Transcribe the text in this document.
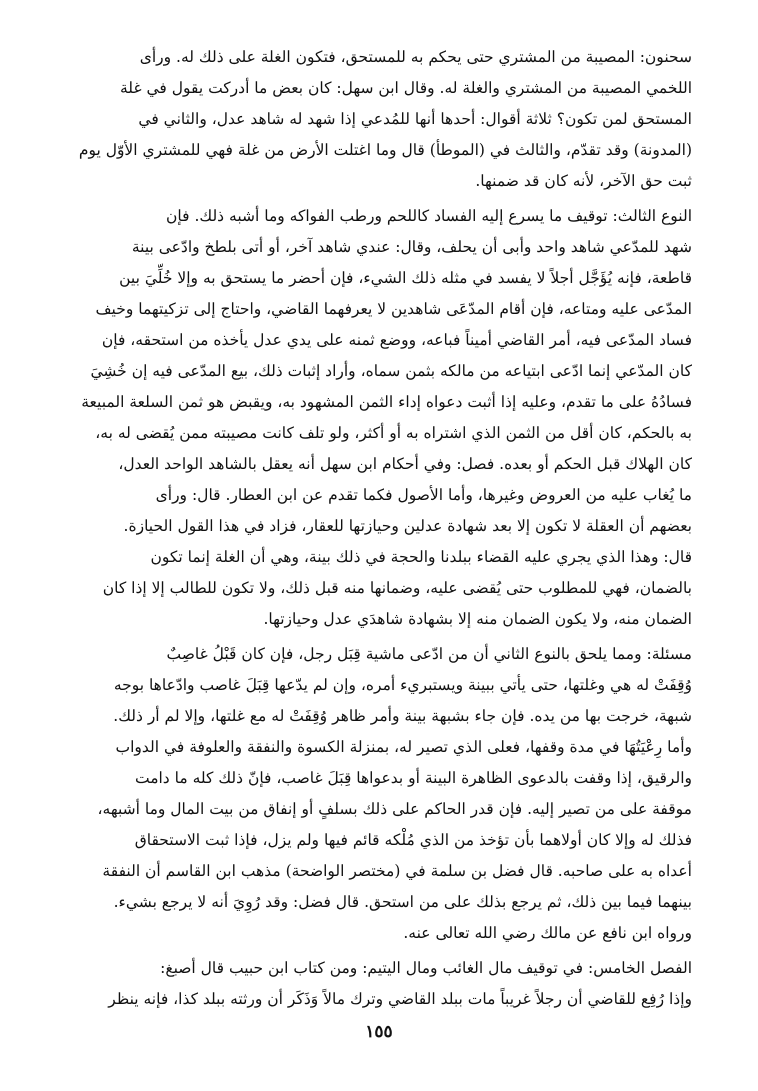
سحنون: المصيبة من المشتري حتى يحكم به للمستحق، فتكون الغلة على ذلك له. ورأى
اللخمي المصيبة من المشتري والغلة له. وقال ابن سهل: كان بعض ما أدركت يقول في غلة
المستحق لمن تكون؟ ثلاثة أقوال: أحدها أنها للمُدعي إذا شهد له شاهد عدل، والثاني في
(المدونة) وقد تقدّم، والثالث في (الموطأ) قال وما اغتلت الأرض من غلة فهي للمشتري الأوّل يوم
ثبت حق الآخر، لأنه كان قد ضمنها.

النوع الثالث: توقيف ما يسرع إليه الفساد كاللحم ورطب الفواكه وما أشبه ذلك. فإن
شهد للمدّعي شاهد واحد وأبى أن يحلف، وقال: عندي شاهد آخر، أو أتى بلطخ وادّعى بينة
قاطعة، فإنه يُؤَجَّل أجلاً لا يفسد في مثله ذلك الشيء، فإن أحضر ما يستحق به وإلا خُلِّيَ بين
المدّعى عليه ومتاعه، فإن أقام المدّعَى شاهدين لا يعرفهما القاضي، واحتاج إلى تزكيتهما وخيف
فساد المدّعى فيه، أمر القاضي أميناً فباعه، ووضع ثمنه على يدي عدل يأخذه من استحقه، فإن
كان المدّعي إنما ادّعى ابتياعه من مالكه بثمن سماه، وأراد إثبات ذلك، بيع المدّعى فيه إن خُشِيَ
فسادُهُ على ما تقدم، وعليه إذا أثبت دعواه إداء الثمن المشهود به، ويقبض هو ثمن السلعة المبيعة
به بالحكم، كان أقل من الثمن الذي اشتراه به أو أكثر، ولو تلف كانت مصيبته ممن يُقضى له به،
كان الهلاك قبل الحكم أو بعده. فصل: وفي أحكام ابن سهل أنه يعقل بالشاهد الواحد العدل،
ما يُغاب عليه من العروض وغيرها، وأما الأصول فكما تقدم عن ابن العطار. قال: ورأى
بعضهم أن العقلة لا تكون إلا بعد شهادة عدلين وحيازتها للعقار، فزاد في هذا القول الحيازة.
قال: وهذا الذي يجري عليه القضاء ببلدنا والحجة في ذلك بينة، وهي أن الغلة إنما تكون
بالضمان، فهي للمطلوب حتى يُقضى عليه، وضمانها منه قبل ذلك، ولا تكون للطالب إلا إذا كان
الضمان منه، ولا يكون الضمان منه إلا بشهادة شاهدَي عدل وحيازتها.

مسئلة: ومما يلحق بالنوع الثاني أن من ادّعى ماشية قِبَل رجل، فإن كان قَبْلُ غاصِبٌ
وُقِفَتْ له هي وغلتها، حتى يأتي ببينة ويستبريء أمره، وإن لم يدّعها قِبَلَ غاصب وادّعاها بوجه
شبهة، خرجت بها من يده. فإن جاء بشبهة بينة وأمر ظاهر وُقِفَتْ له مع غلتها، وإلا لم أر ذلك.
وأما رِعْيَتُهَا في مدة وقفها، فعلى الذي تصير له، بمنزلة الكسوة والنفقة والعلوفة في الدواب
والرقيق، إذا وقفت بالدعوى الظاهرة البينة أو بدعواها قِبَلَ غاصب، فإنّ ذلك كله ما دامت
موقفة على من تصير إليه. فإن قدر الحاكم على ذلك بسلفٍ أو إنفاق من بيت المال وما أشبهه،
فذلك له وإلا كان أولاهما بأن تؤخذ من الذي مُلْكه قائم فيها ولم يزل، فإذا ثبت الاستحقاق
أعداه به على صاحبه. قال فضل بن سلمة في (مختصر الواضحة) مذهب ابن القاسم أن النفقة
بينهما فيما بين ذلك، ثم يرجع بذلك على من استحق. قال فضل: وقد رُوِيَ أنه لا يرجع بشيء.
ورواه ابن نافع عن مالك رضي الله تعالى عنه.

الفصل الخامس: في توقيف مال الغائب ومال اليتيم: ومن كتاب ابن حبيب قال أصبغ:
وإذا رُفِع للقاضي أن رجلاً غريباً مات ببلد القاضي وترك مالاً وَذَكَر أن ورثته ببلد كذا، فإنه ينظر

١٥٥
